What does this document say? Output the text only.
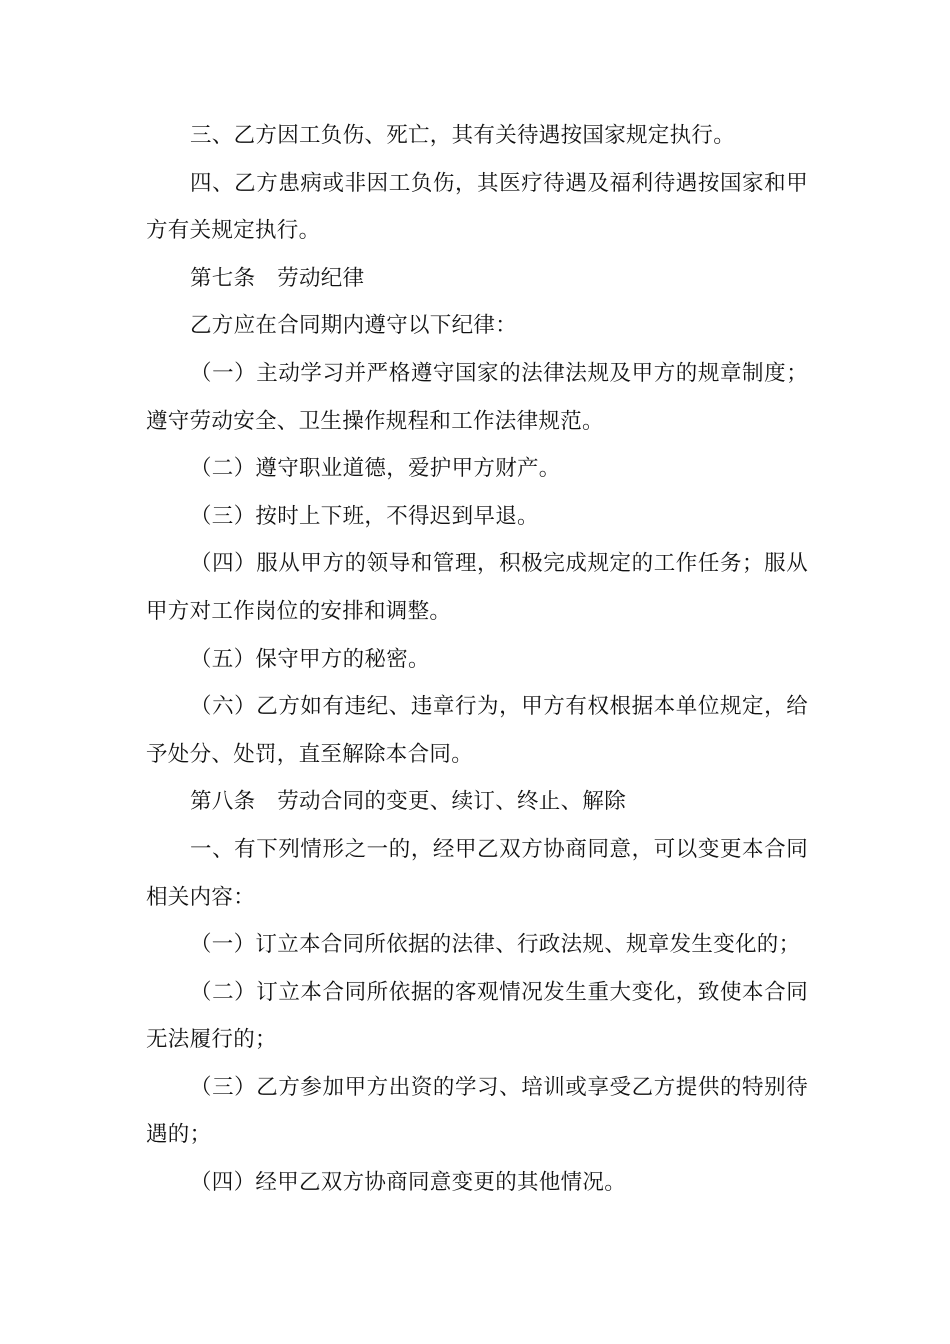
三、乙方因工负伤、死亡，其有关待遇按国家规定执行。

四、乙方患病或非因工负伤，其医疗待遇及福利待遇按国家和甲方有关规定执行。

第七条　劳动纪律

乙方应在合同期内遵守以下纪律：

（一）主动学习并严格遵守国家的法律法规及甲方的规章制度；遵守劳动安全、卫生操作规程和工作法律规范。

（二）遵守职业道德，爱护甲方财产。

（三）按时上下班，不得迟到早退。

（四）服从甲方的领导和管理，积极完成规定的工作任务；服从甲方对工作岗位的安排和调整。

（五）保守甲方的秘密。

（六）乙方如有违纪、违章行为，甲方有权根据本单位规定，给予处分、处罚，直至解除本合同。

第八条　劳动合同的变更、续订、终止、解除

一、有下列情形之一的，经甲乙双方协商同意，可以变更本合同相关内容：

（一）订立本合同所依据的法律、行政法规、规章发生变化的；

（二）订立本合同所依据的客观情况发生重大变化，致使本合同无法履行的；

（三）乙方参加甲方出资的学习、培训或享受乙方提供的特别待遇的；

（四）经甲乙双方协商同意变更的其他情况。
